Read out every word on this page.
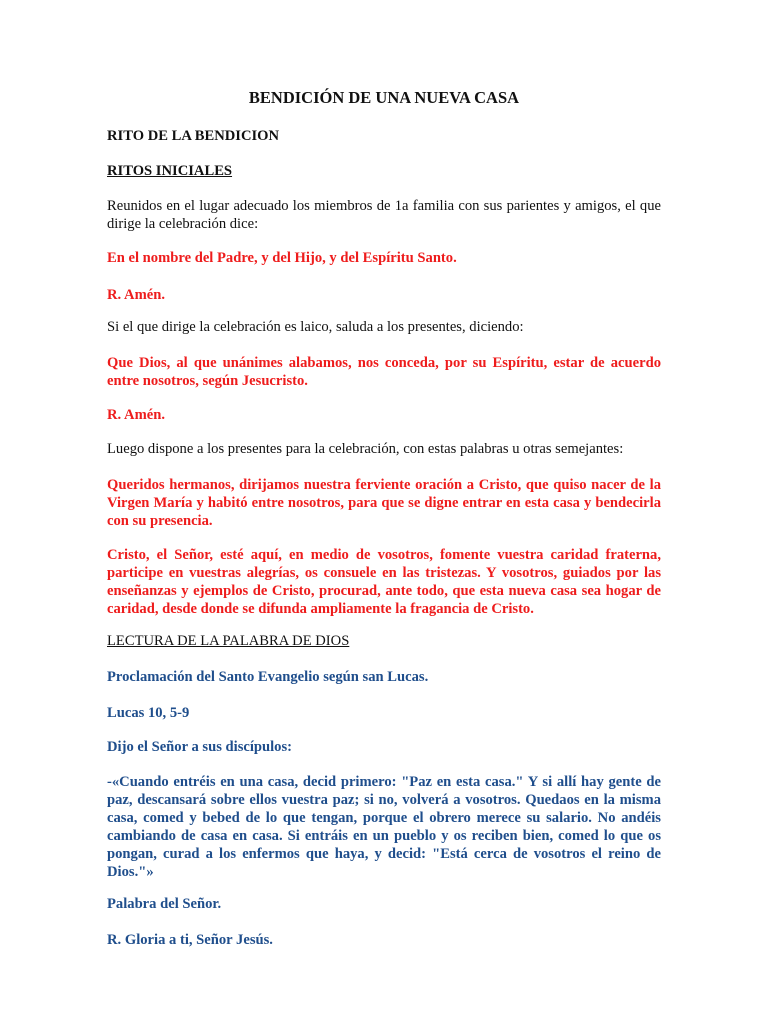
BENDICIÓN DE UNA NUEVA CASA

RITO DE LA BENDICION

RITOS INICIALES

Reunidos en el lugar adecuado los miembros de 1a familia con sus parientes y amigos, el que dirige la celebración dice:

En el nombre del Padre, y del Hijo, y del Espíritu Santo.

R. Amén.

Si el que dirige la celebración es laico, saluda a los presentes, diciendo:

Que Dios, al que unánimes alabamos, nos conceda, por su Espíritu, estar de acuerdo entre nosotros, según Jesucristo.

R. Amén.

Luego dispone a los presentes para la celebración, con estas palabras u otras semejantes:

Queridos hermanos, dirijamos nuestra ferviente oración a Cristo, que quiso nacer de la Virgen María y habitó entre nosotros, para que se digne entrar en esta casa y bendecirla con su presencia.

Cristo, el Señor, esté aquí, en medio de vosotros, fomente vuestra caridad fraterna, participe en vuestras alegrías, os consuele en las tristezas. Y vosotros, guiados por las enseñanzas y ejemplos de Cristo, procurad, ante todo, que esta nueva casa sea hogar de caridad, desde donde se difunda ampliamente la fragancia de Cristo.

LECTURA DE LA PALABRA DE DIOS

Proclamación del Santo Evangelio según san Lucas.

Lucas 10, 5-9

Dijo el Señor a sus discípulos:

-«Cuando entréis en una casa, decid primero: "Paz en esta casa." Y si allí hay gente de paz, descansará sobre ellos vuestra paz; si no, volverá a vosotros. Quedaos en la misma casa, comed y bebed de lo que tengan, porque el obrero merece su salario. No andéis cambiando de casa en casa. Si entráis en un pueblo y os reciben bien, comed lo que os pongan, curad a los enfermos que haya, y decid: "Está cerca de vosotros el reino de Dios."»

Palabra del Señor.

R. Gloria a ti, Señor Jesús.
